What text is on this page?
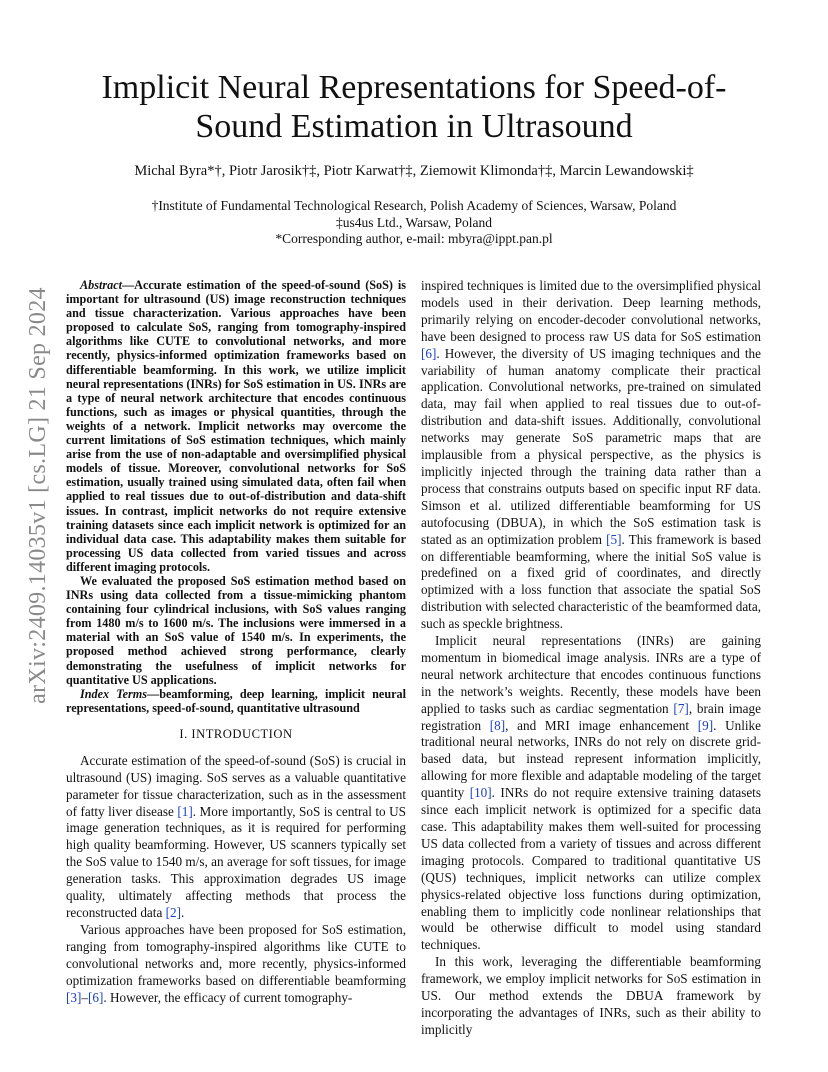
arXiv:2409.14035v1 [cs.LG] 21 Sep 2024
Implicit Neural Representations for Speed-of-Sound Estimation in Ultrasound
Michal Byra*†, Piotr Jarosik†‡, Piotr Karwat†‡, Ziemowit Klimonda†‡, Marcin Lewandowski‡
†Institute of Fundamental Technological Research, Polish Academy of Sciences, Warsaw, Poland
‡us4us Ltd., Warsaw, Poland
*Corresponding author, e-mail: mbyra@ippt.pan.pl

Abstract—Accurate estimation of the speed-of-sound (SoS) is important for ultrasound (US) image reconstruction techniques and tissue characterization. Various approaches have been proposed to calculate SoS, ranging from tomography-inspired algorithms like CUTE to convolutional networks, and more recently, physics-informed optimization frameworks based on differentiable beamforming. In this work, we utilize implicit neural representations (INRs) for SoS estimation in US. INRs are a type of neural network architecture that encodes continuous functions, such as images or physical quantities, through the weights of a network. Implicit networks may overcome the current limitations of SoS estimation techniques, which mainly arise from the use of non-adaptable and oversimplified physical models of tissue. Moreover, convolutional networks for SoS estimation, usually trained using simulated data, often fail when applied to real tissues due to out-of-distribution and data-shift issues. In contrast, implicit networks do not require extensive training datasets since each implicit network is optimized for an individual data case. This adaptability makes them suitable for processing US data collected from varied tissues and across different imaging protocols.

We evaluated the proposed SoS estimation method based on INRs using data collected from a tissue-mimicking phantom containing four cylindrical inclusions, with SoS values ranging from 1480 m/s to 1600 m/s. The inclusions were immersed in a material with an SoS value of 1540 m/s. In experiments, the proposed method achieved strong performance, clearly demonstrating the usefulness of implicit networks for quantitative US applications.

Index Terms—beamforming, deep learning, implicit neural representations, speed-of-sound, quantitative ultrasound

I. INTRODUCTION

Accurate estimation of the speed-of-sound (SoS) is crucial in ultrasound (US) imaging. SoS serves as a valuable quantitative parameter for tissue characterization, such as in the assessment of fatty liver disease [1]. More importantly, SoS is central to US image generation techniques, as it is required for performing high quality beamforming. However, US scanners typically set the SoS value to 1540 m/s, an average for soft tissues, for image generation tasks. This approximation degrades US image quality, ultimately affecting methods that process the reconstructed data [2].

Various approaches have been proposed for SoS estimation, ranging from tomography-inspired algorithms like CUTE to convolutional networks and, more recently, physics-informed optimization frameworks based on differentiable beamforming [3]–[6]. However, the efficacy of current tomography-

inspired techniques is limited due to the oversimplified physical models used in their derivation. Deep learning methods, primarily relying on encoder-decoder convolutional networks, have been designed to process raw US data for SoS estimation [6]. However, the diversity of US imaging techniques and the variability of human anatomy complicate their practical application. Convolutional networks, pre-trained on simulated data, may fail when applied to real tissues due to out-of-distribution and data-shift issues. Additionally, convolutional networks may generate SoS parametric maps that are implausible from a physical perspective, as the physics is implicitly injected through the training data rather than a process that constrains outputs based on specific input RF data. Simson et al. utilized differentiable beamforming for US autofocusing (DBUA), in which the SoS estimation task is stated as an optimization problem [5]. This framework is based on differentiable beamforming, where the initial SoS value is predefined on a fixed grid of coordinates, and directly optimized with a loss function that associate the spatial SoS distribution with selected characteristic of the beamformed data, such as speckle brightness.

Implicit neural representations (INRs) are gaining momentum in biomedical image analysis. INRs are a type of neural network architecture that encodes continuous functions in the network’s weights. Recently, these models have been applied to tasks such as cardiac segmentation [7], brain image registration [8], and MRI image enhancement [9]. Unlike traditional neural networks, INRs do not rely on discrete grid-based data, but instead represent information implicitly, allowing for more flexible and adaptable modeling of the target quantity [10]. INRs do not require extensive training datasets since each implicit network is optimized for a specific data case. This adaptability makes them well-suited for processing US data collected from a variety of tissues and across different imaging protocols. Compared to traditional quantitative US (QUS) techniques, implicit networks can utilize complex physics-related objective loss functions during optimization, enabling them to implicitly code nonlinear relationships that would be otherwise difficult to model using standard techniques.

In this work, leveraging the differentiable beamforming framework, we employ implicit networks for SoS estimation in US. Our method extends the DBUA framework by incorporating the advantages of INRs, such as their ability to implicitly
